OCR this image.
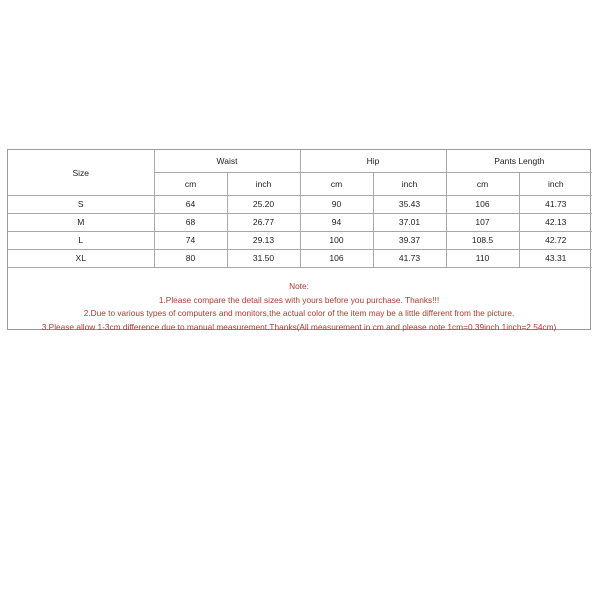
Size	Waist		Hip		Pants Length	
	cm	inch	cm	inch	cm	inch
S	64	25.20	90	35.43	106	41.73
M	68	26.77	94	37.01	107	42.13
L	74	29.13	100	39.37	108.5	42.72
XL	80	31.50	106	41.73	110	43.31
Note:
1.Please compare the detail sizes with yours before you purchase. Thanks!!!
2.Due to various types of computers and monitors,the actual color of the item may be a little different from the picture.
3.Please allow 1-3cm difference due to manual measurement.Thanks(All measurement in cm and please note 1cm=0.39inch 1inch=2.54cm)
